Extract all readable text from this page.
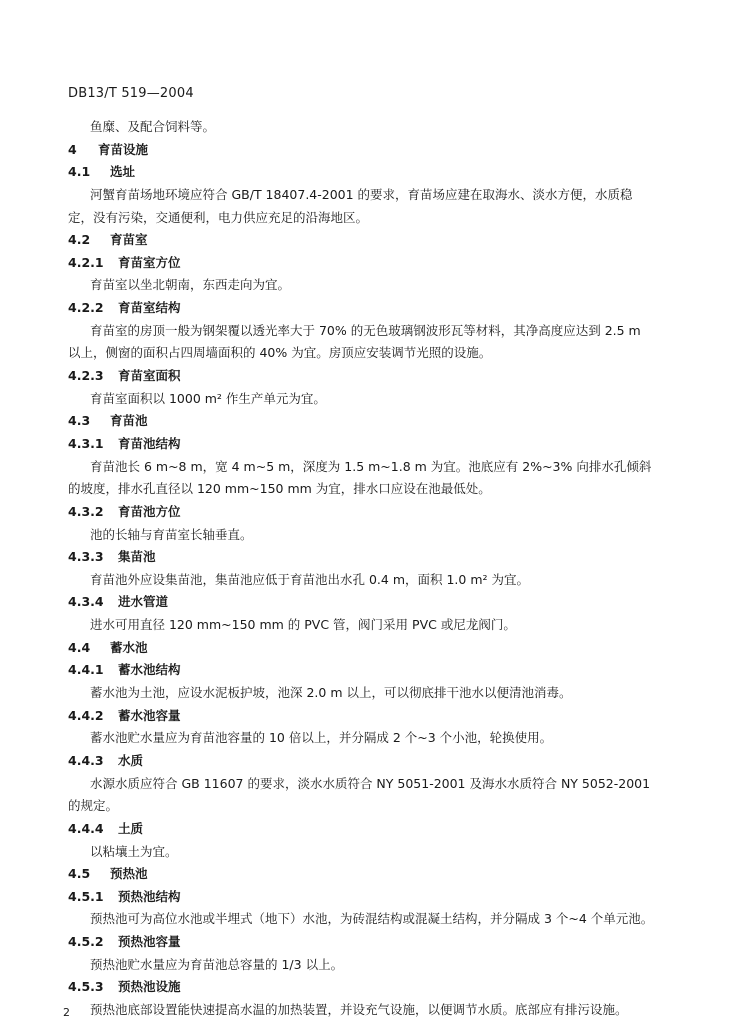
DB13/T 519—2004
鱼糜、及配合饲料等。
4 育苗设施
4.1 选址
河蟹育苗场地环境应符合 GB/T 18407.4-2001 的要求，育苗场应建在取海水、淡水方便，水质稳
定，没有污染，交通便利，电力供应充足的沿海地区。
4.2 育苗室
4.2.1 育苗室方位
育苗室以坐北朝南，东西走向为宜。
4.2.2 育苗室结构
育苗室的房顶一般为钢架覆以透光率大于 70% 的无色玻璃钢波形瓦等材料，其净高度应达到 2.5 m
以上，侧窗的面积占四周墙面积的 40% 为宜。房顶应安装调节光照的设施。
4.2.3 育苗室面积
育苗室面积以 1000 m² 作生产单元为宜。
4.3 育苗池
4.3.1 育苗池结构
育苗池长 6 m~8 m，宽 4 m~5 m，深度为 1.5 m~1.8 m 为宜。池底应有 2%~3% 向排水孔倾斜
的坡度，排水孔直径以 120 mm~150 mm 为宜，排水口应设在池最低处。
4.3.2 育苗池方位
池的长轴与育苗室长轴垂直。
4.3.3 集苗池
育苗池外应设集苗池，集苗池应低于育苗池出水孔 0.4 m，面积 1.0 m² 为宜。
4.3.4 进水管道
进水可用直径 120 mm~150 mm 的 PVC 管，阀门采用 PVC 或尼龙阀门。
4.4 蓄水池
4.4.1 蓄水池结构
蓄水池为土池，应设水泥板护坡，池深 2.0 m 以上，可以彻底排干池水以便清池消毒。
4.4.2 蓄水池容量
蓄水池贮水量应为育苗池容量的 10 倍以上，并分隔成 2 个~3 个小池，轮换使用。
4.4.3 水质
水源水质应符合 GB 11607 的要求，淡水水质符合 NY 5051-2001 及海水水质符合 NY 5052-2001
的规定。
4.4.4 土质
以粘壤土为宜。
4.5 预热池
4.5.1 预热池结构
预热池可为高位水池或半埋式（地下）水池，为砖混结构或混凝土结构，并分隔成 3 个~4 个单元池。
4.5.2 预热池容量
预热池贮水量应为育苗池总容量的 1/3 以上。
4.5.3 预热池设施
预热池底部设置能快速提高水温的加热装置，并设充气设施，以便调节水质。底部应有排污设施。
2
